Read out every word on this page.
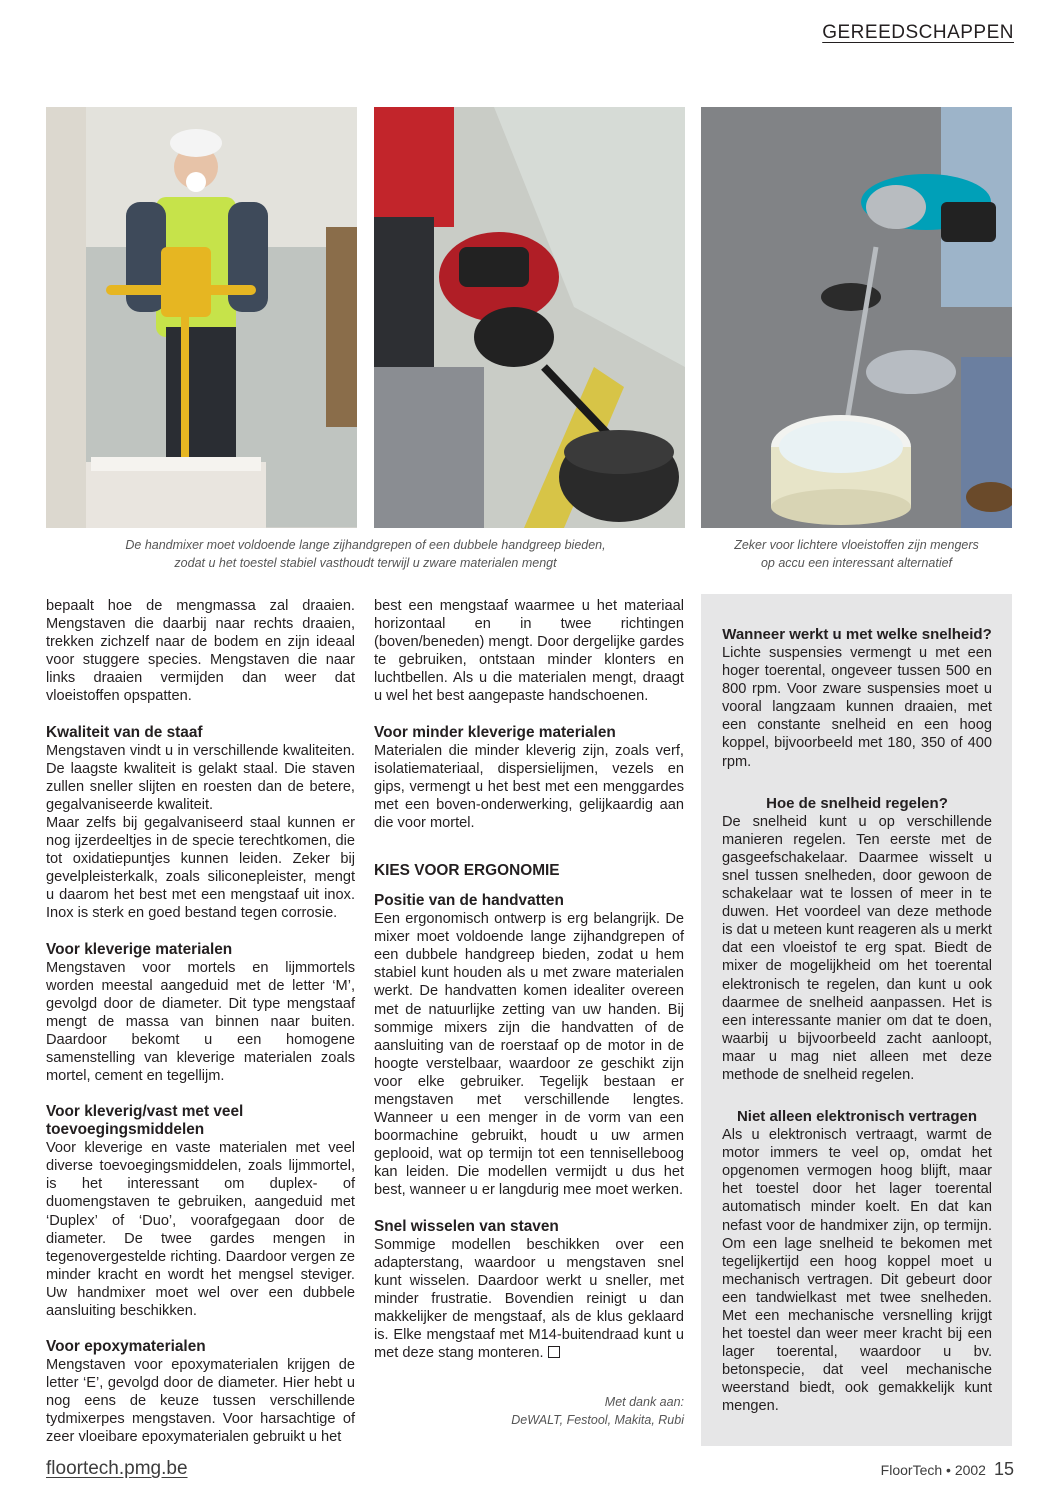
GEREEDSCHAPPEN
De handmixer moet voldoende lange zijhandgrepen of een dubbele handgreep bieden,
zodat u het toestel stabiel vasthoudt terwijl u zware materialen mengt
Zeker voor lichtere vloeistoffen zijn mengers
op accu een interessant alternatief

bepaalt hoe de mengmassa zal draaien. Mengstaven die daarbij naar rechts draaien, trekken zichzelf naar de bodem en zijn ideaal voor stuggere species. Mengstaven die naar links draaien vermijden dan weer dat vloeistoffen opspatten.

Kwaliteit van de staaf

Mengstaven vindt u in verschillende kwaliteiten. De laagste kwaliteit is gelakt staal. Die staven zullen sneller slijten en roesten dan de betere, gegalvaniseerde kwaliteit.

Maar zelfs bij gegalvaniseerd staal kunnen er nog ijzerdeeltjes in de specie terechtkomen, die tot oxidatiepuntjes kunnen leiden. Zeker bij gevelpleisterkalk, zoals siliconepleister, mengt u daarom het best met een mengstaaf uit inox. Inox is sterk en goed bestand tegen corrosie.

Voor kleverige materialen

Mengstaven voor mortels en lijmmortels worden meestal aangeduid met de letter ‘M’, gevolgd door de diameter. Dit type mengstaaf mengt de massa van binnen naar buiten. Daardoor bekomt u een homogene samenstelling van kleverige materialen zoals mortel, cement en tegellijm.

Voor kleverig/vast met veel toevoegingsmiddelen

Voor kleverige en vaste materialen met veel diverse toevoegingsmiddelen, zoals lijmmortel, is het interessant om duplex- of duomengstaven te gebruiken, aangeduid met ‘Duplex’ of ‘Duo’, voorafgegaan door de diameter. De twee gardes mengen in tegenovergestelde richting. Daardoor vergen ze minder kracht en wordt het mengsel steviger. Uw handmixer moet wel over een dubbele aansluiting beschikken.

Voor epoxymaterialen

Mengstaven voor epoxymaterialen krijgen de letter ‘E’, gevolgd door de diameter. Hier hebt u nog eens de keuze tussen verschillende tydmixerpes mengstaven. Voor harsachtige of zeer vloeibare epoxymaterialen gebruikt u het

best een mengstaaf waarmee u het materiaal horizontaal en in twee richtingen (boven/beneden) mengt. Door dergelijke gardes te gebruiken, ontstaan minder klonters en luchtbellen. Als u die materialen mengt, draagt u wel het best aangepaste handschoenen.

Voor minder kleverige materialen

Materialen die minder kleverig zijn, zoals verf, isolatiemateriaal, dispersielijmen, vezels en gips, vermengt u het best met een menggardes met een boven-onderwerking, gelijkaardig aan die voor mortel.

KIES VOOR ERGONOMIE
Positie van de handvatten

Een ergonomisch ontwerp is erg belangrijk. De mixer moet voldoende lange zijhandgrepen of een dubbele handgreep bieden, zodat u hem stabiel kunt houden als u met zware materialen werkt. De handvatten komen idealiter overeen met de natuurlijke zetting van uw handen. Bij sommige mixers zijn die handvatten of de aansluiting van de roerstaaf op de motor in de hoogte verstelbaar, waardoor ze geschikt zijn voor elke gebruiker. Tegelijk bestaan er mengstaven met verschillende lengtes. Wanneer u een menger in de vorm van een boormachine gebruikt, houdt u uw armen geplooid, wat op termijn tot een tenniselleboog kan leiden. Die modellen vermijdt u dus het best, wanneer u er langdurig mee moet werken.

Snel wisselen van staven

Sommige modellen beschikken over een adapterstang, waardoor u mengstaven snel kunt wisselen. Daardoor werkt u sneller, met minder frustratie. Bovendien reinigt u dan makkelijker de mengstaaf, als de klus geklaard is. Elke mengstaaf met M14-buitendraad kunt u met deze stang monteren.

Met dank aan:
DeWALT, Festool, Makita, Rubi
Wanneer werkt u met welke snelheid?

Lichte suspensies vermengt u met een hoger toerental, ongeveer tussen 500 en 800 rpm. Voor zware suspensies moet u vooral langzaam kunnen draaien, met een constante snelheid en een hoog koppel, bijvoorbeeld met 180, 350 of 400 rpm.

Hoe de snelheid regelen?

De snelheid kunt u op verschillende manieren regelen. Ten eerste met de gasgeefschakelaar. Daarmee wisselt u snel tussen snelheden, door gewoon de schakelaar wat te lossen of meer in te duwen. Het voordeel van deze methode is dat u meteen kunt reageren als u merkt dat een vloeistof te erg spat. Biedt de mixer de mogelijkheid om het toerental elektronisch te regelen, dan kunt u ook daarmee de snelheid aanpassen. Het is een interessante manier om dat te doen, waarbij u bijvoorbeeld zacht aanloopt, maar u mag niet alleen met deze methode de snelheid regelen.

Niet alleen elektronisch vertragen

Als u elektronisch vertraagt, warmt de motor immers te veel op, omdat het opgenomen vermogen hoog blijft, maar het toestel door het lager toerental automatisch minder koelt. En dat kan nefast voor de handmixer zijn, op termijn. Om een lage snelheid te bekomen met tegelijkertijd een hoog koppel moet u mechanisch vertragen. Dit gebeurt door een tandwielkast met twee snelheden. Met een mechanische versnelling krijgt het toestel dan weer meer kracht bij een lager toerental, waardoor u bv. betonspecie, dat veel mechanische weerstand biedt, ook gemakkelijk kunt mengen.

floortech.pmg.be	FloorTech • 2002 15
